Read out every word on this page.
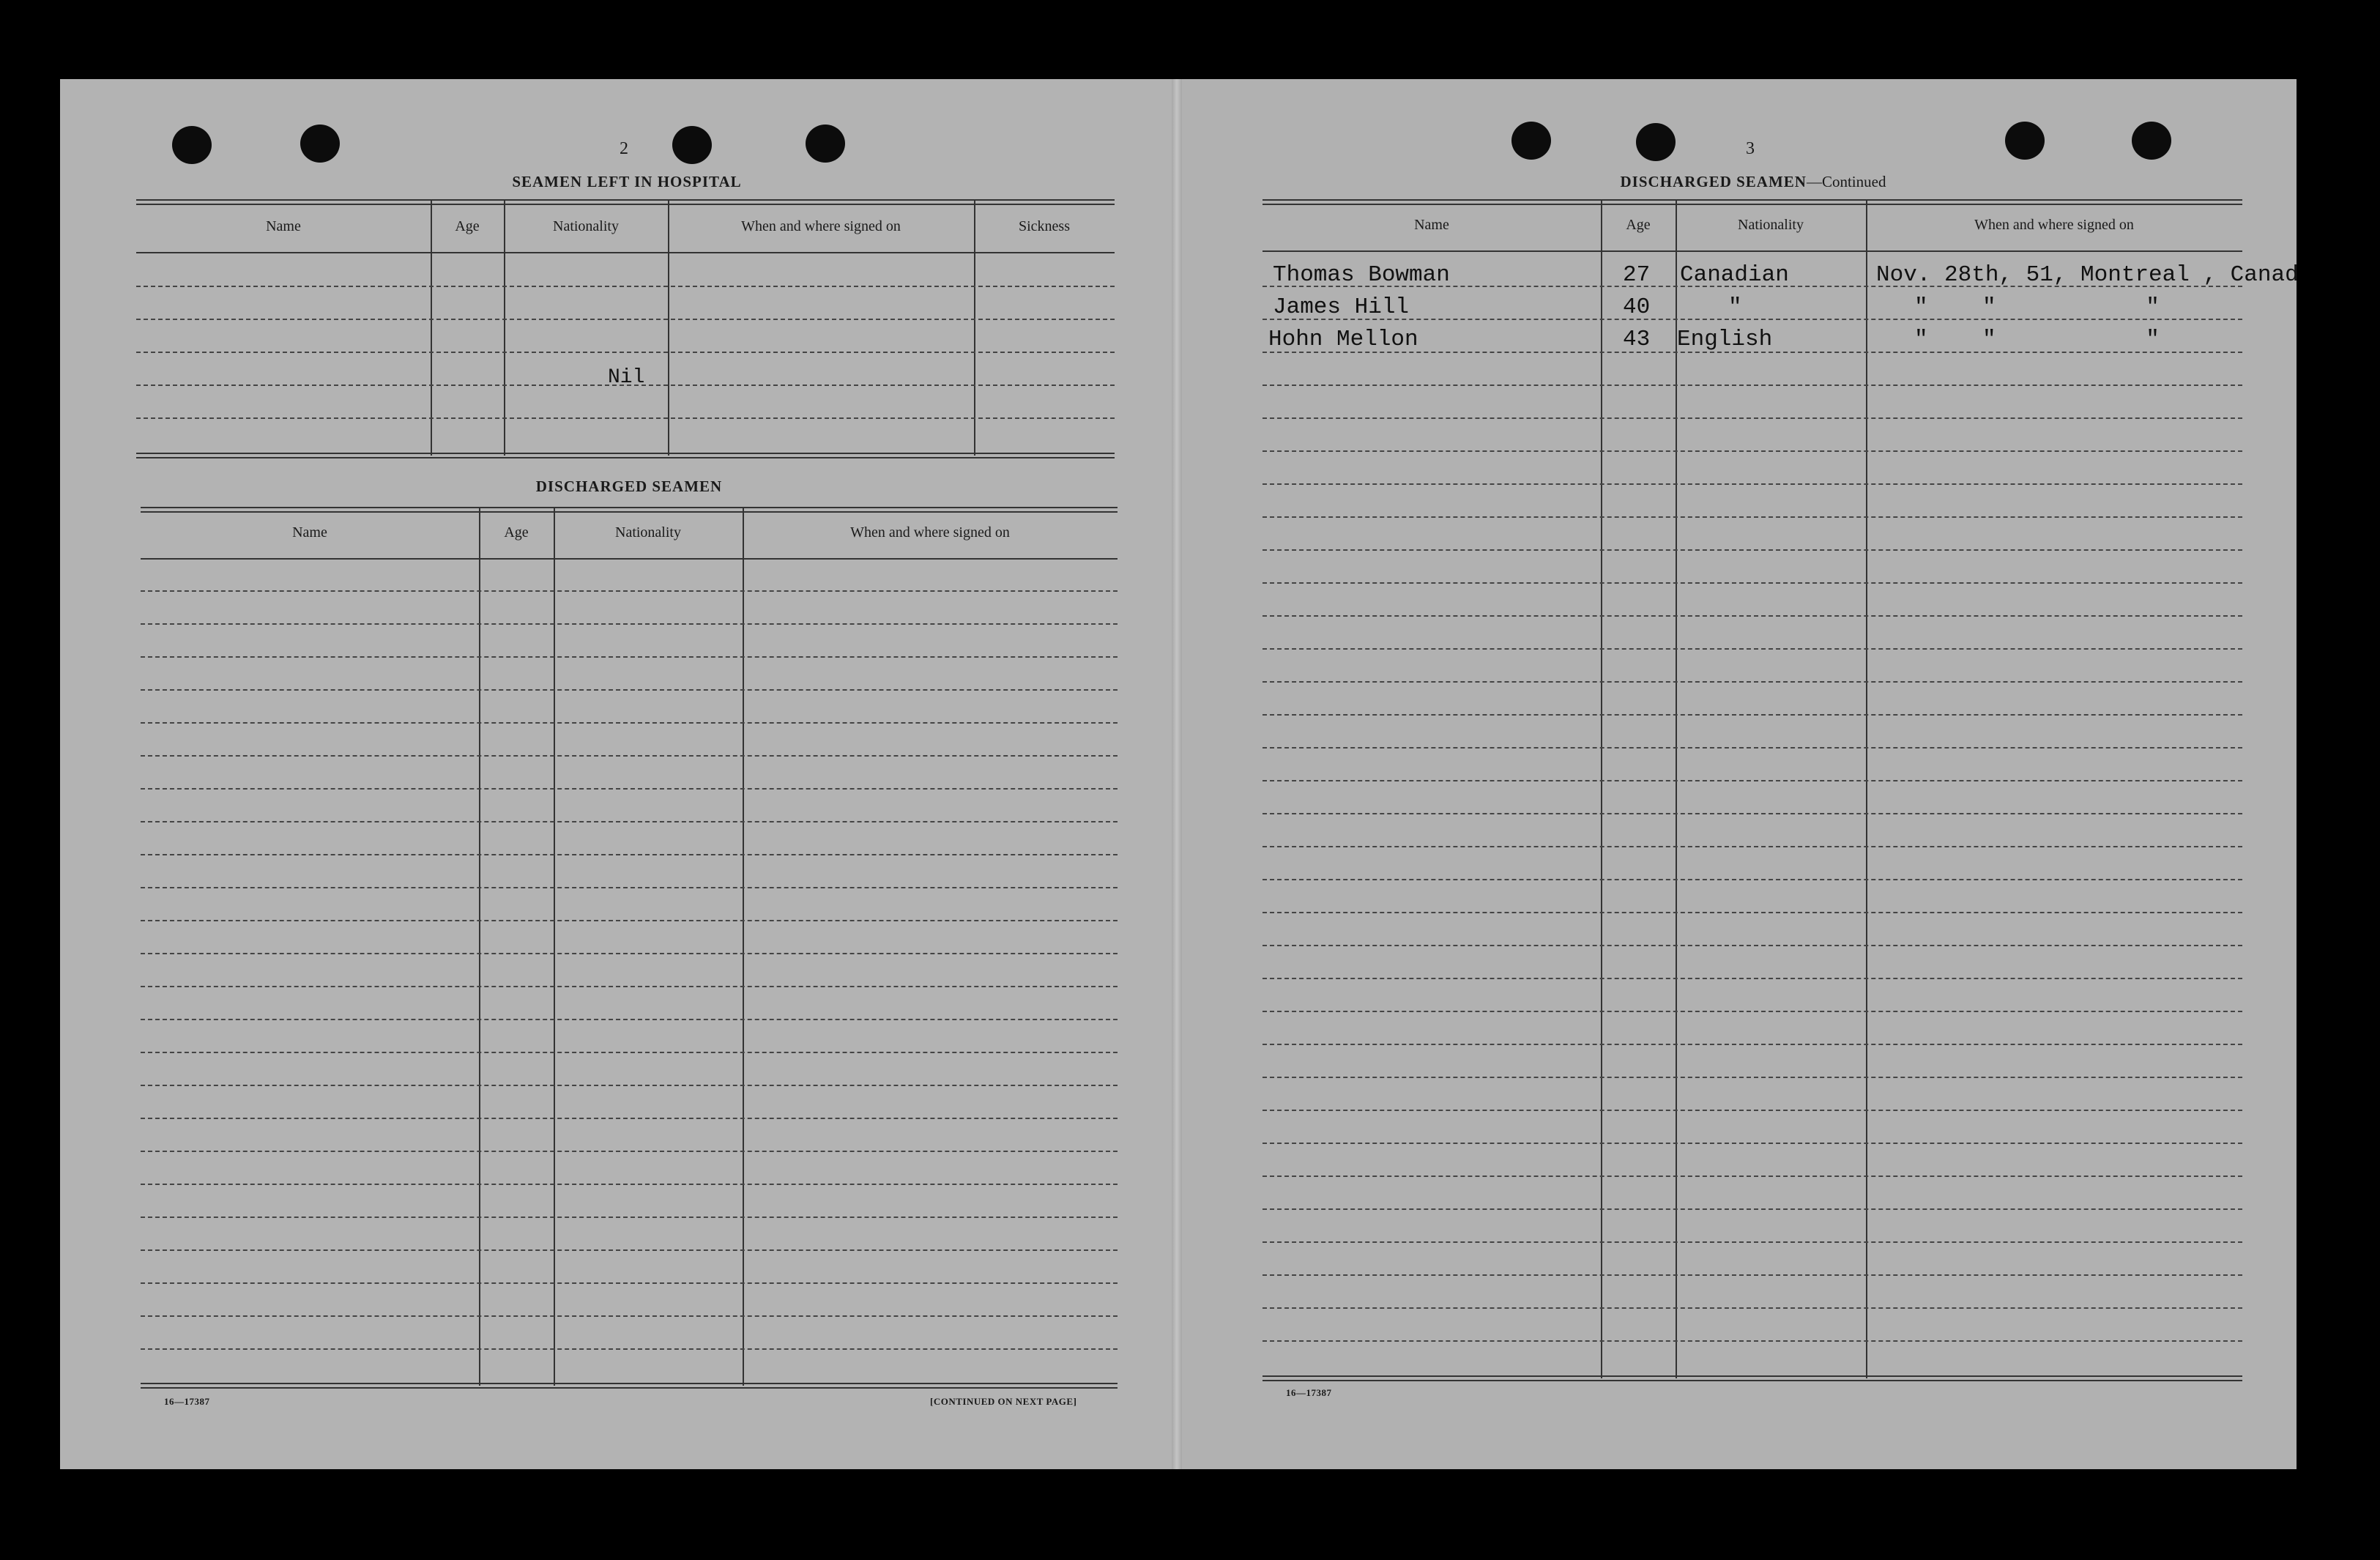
2
SEAMEN LEFT IN HOSPITAL
Name	Age	Nationality	When and where signed on	Sickness
Nil
DISCHARGED SEAMEN
Name	Age	Nationality	When and where signed on
16—17387	[CONTINUED ON NEXT PAGE]
3
DISCHARGED SEAMEN—Continued
Name	Age	Nationality	When and where signed on
Thomas Bowman	27 Canadian	Nov. 28th, 51, Montreal , Canad
James Hill	40	"	"    "           "
Hohn Mellon	43 English	"    "           "
16—17387
